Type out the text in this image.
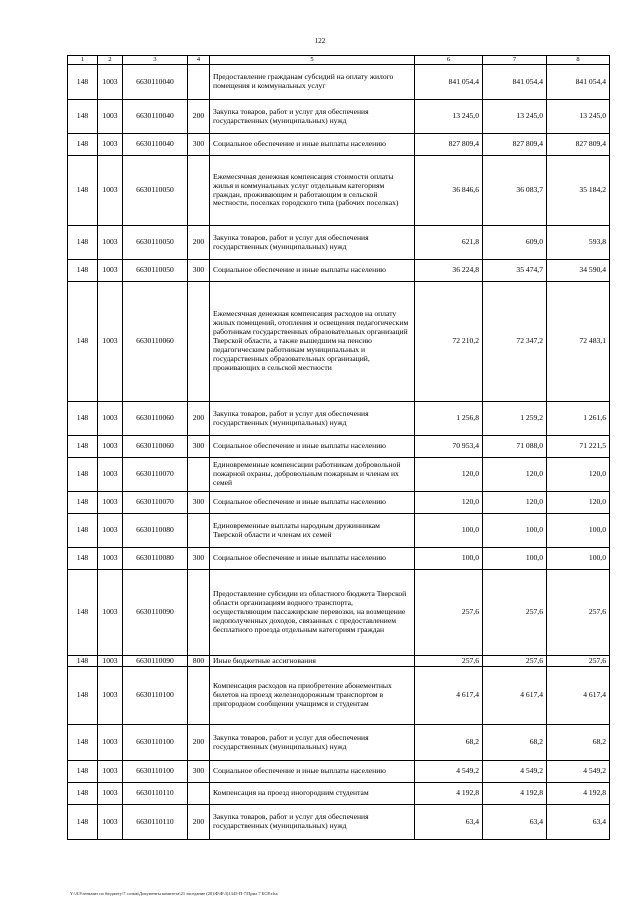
122
1	2	3	4	5	6	7	8
148	1003	6630110040		Предоставление гражданам субсидий на оплату жилого помещения и коммунальных услуг	841 054,4	841 054,4	841 054,4
148	1003	6630110040	200	Закупка товаров, работ и услуг для обеспечения государственных (муниципальных) нужд	13 245,0	13 245,0	13 245,0
148	1003	6630110040	300	Социальное обеспечение и иные выплаты населению	827 809,4	827 809,4	827 809,4
148	1003	6630110050		Ежемесячная денежная компенсация стоимости оплаты жилья и коммунальных услуг отдельным категориям граждан, проживающим и работающим в сельской местности, поселках городского типа (рабочих поселках)	36 846,6	36 083,7	35 184,2
148	1003	6630110050	200	Закупка товаров, работ и услуг для обеспечения государственных (муниципальных) нужд	621,8	609,0	593,8
148	1003	6630110050	300	Социальное обеспечение и иные выплаты населению	36 224,8	35 474,7	34 590,4
148	1003	6630110060		Ежемесячная денежная компенсация расходов на оплату жилых помещений, отопления и освещения педагогическим работникам государственных образовательных организаций Тверской области, а также вышедшим на пенсию педагогическим работникам муниципальных и государственных образовательных организаций, проживающих в сельской местности	72 210,2	72 347,2	72 483,1
148	1003	6630110060	200	Закупка товаров, работ и услуг для обеспечения государственных (муниципальных) нужд	1 256,8	1 259,2	1 261,6
148	1003	6630110060	300	Социальное обеспечение и иные выплаты населению	70 953,4	71 088,0	71 221,5
148	1003	6630110070		Единовременные компенсации работникам добровольной пожарной охраны, добровольным пожарным и членам их семей	120,0	120,0	120,0
148	1003	6630110070	300	Социальное обеспечение и иные выплаты населению	120,0	120,0	120,0
148	1003	6630110080		Единовременные выплаты народным дружинникам Тверской области и членам их семей	100,0	100,0	100,0
148	1003	6630110080	300	Социальное обеспечение и иные выплаты населению	100,0	100,0	100,0
148	1003	6630110090		Предоставление субсидии из областного бюджета Тверской области организациям водного транспорта, осуществляющим пассажирские перевозки, на возмещение недополученных доходов, связанных с предоставлением бесплатного проезда отдельным категориям граждан	257,6	257,6	257,6
148	1003	6630110090	800	Иные бюджетные ассигнования	257,6	257,6	257,6
148	1003	6630110100		Компенсация расходов на приобретение абонементных билетов на проезд железнодорожным транспортом в пригородном сообщении учащимся и студентам	4 617,4	4 617,4	4 617,4
148	1003	6630110100	200	Закупка товаров, работ и услуг для обеспечения государственных (муниципальных) нужд	68,2	68,2	68,2
148	1003	6630110100	300	Социальное обеспечение и иные выплаты населению	4 549,2	4 549,2	4 549,2
148	1003	6630110110		Компенсация на проезд иногородним студентам	4 192,8	4 192,8	4 192,8
148	1003	6630110110	200	Закупка товаров, работ и услуг для обеспечения государственных (муниципальных) нужд	63,4	63,4	63,4
Y:\АЭ\зеньмит по бюджету\7 созыв\Документы комитета\21 заседание (20)\Ф\Ф\3)1345-П-7\Прил 7 БСР.xlsx
